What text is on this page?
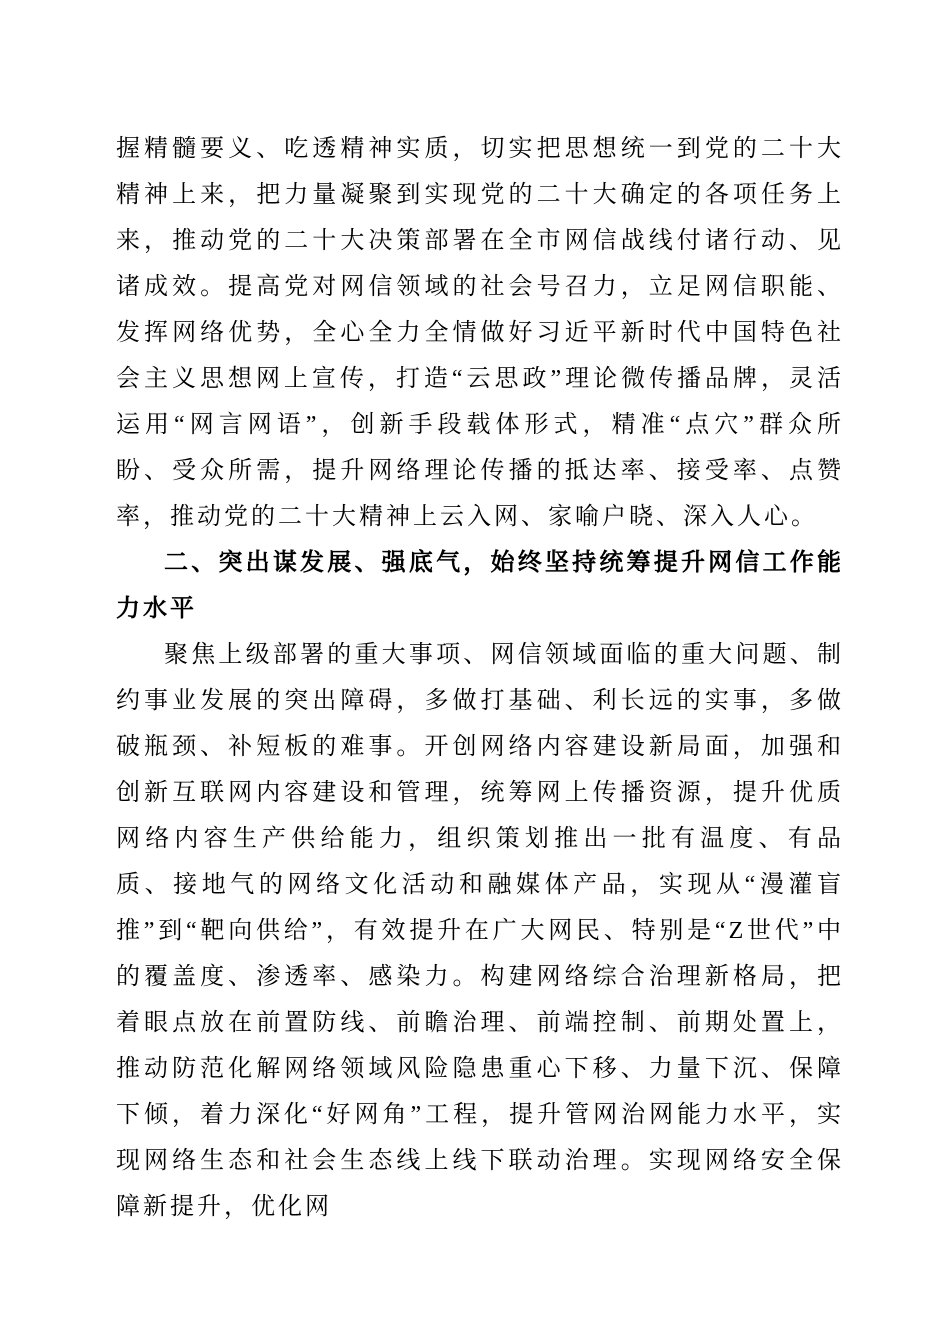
握精髓要义、吃透精神实质，切实把思想统一到党的二十大精神上来，把力量凝聚到实现党的二十大确定的各项任务上来，推动党的二十大决策部署在全市网信战线付诸行动、见诸成效。提高党对网信领域的社会号召力，立足网信职能、发挥网络优势，全心全力全情做好习近平新时代中国特色社会主义思想网上宣传，打造“云思政”理论微传播品牌，灵活运用“网言网语”，创新手段载体形式，精准“点穴”群众所盼、受众所需，提升网络理论传播的抵达率、接受率、点赞率，推动党的二十大精神上云入网、家喻户晓、深入人心。

二、突出谋发展、强底气，始终坚持统筹提升网信工作能力水平

聚焦上级部署的重大事项、网信领域面临的重大问题、制约事业发展的突出障碍，多做打基础、利长远的实事，多做破瓶颈、补短板的难事。开创网络内容建设新局面，加强和创新互联网内容建设和管理，统筹网上传播资源，提升优质网络内容生产供给能力，组织策划推出一批有温度、有品质、接地气的网络文化活动和融媒体产品，实现从“漫灌盲推”到“靶向供给”，有效提升在广大网民、特别是“Z世代”中的覆盖度、渗透率、感染力。构建网络综合治理新格局，把着眼点放在前置防线、前瞻治理、前端控制、前期处置上，推动防范化解网络领域风险隐患重心下移、力量下沉、保障下倾，着力深化“好网角”工程，提升管网治网能力水平，实现网络生态和社会生态线上线下联动治理。实现网络安全保障新提升，优化网
